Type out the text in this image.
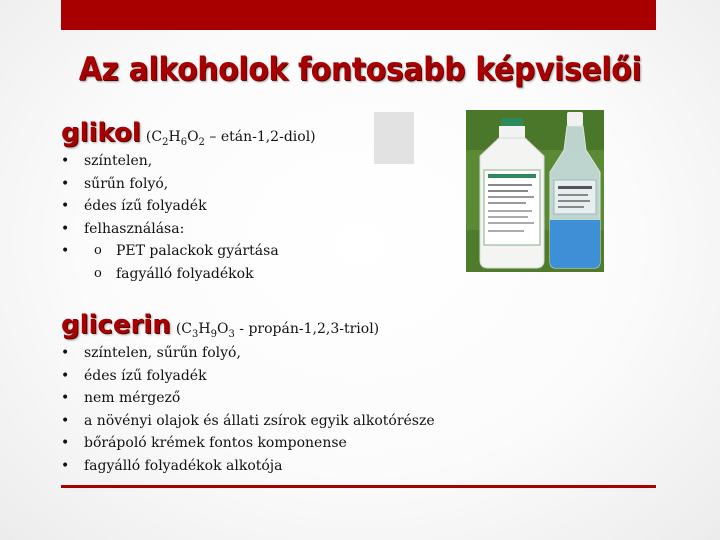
Az alkoholok fontosabb képviselői
glikol ($C_2H_6O_2$ – etán-1,2-diol)
• színtelen,
• sűrűn folyó,
• édes ízű folyadék
• felhasználása:
o • PET palackok gyártása
o fagyálló folyadékok
glicerin ($C_3H_9O_3$ - propán-1,2,3-triol)
• színtelen, sűrűn folyó,
• édes ízű folyadék
• nem mérgező
• a növényi olajok és állati zsírok egyik alkotórésze
• bőrápoló krémek fontos komponense
• fagyálló folyadékok alkotója
